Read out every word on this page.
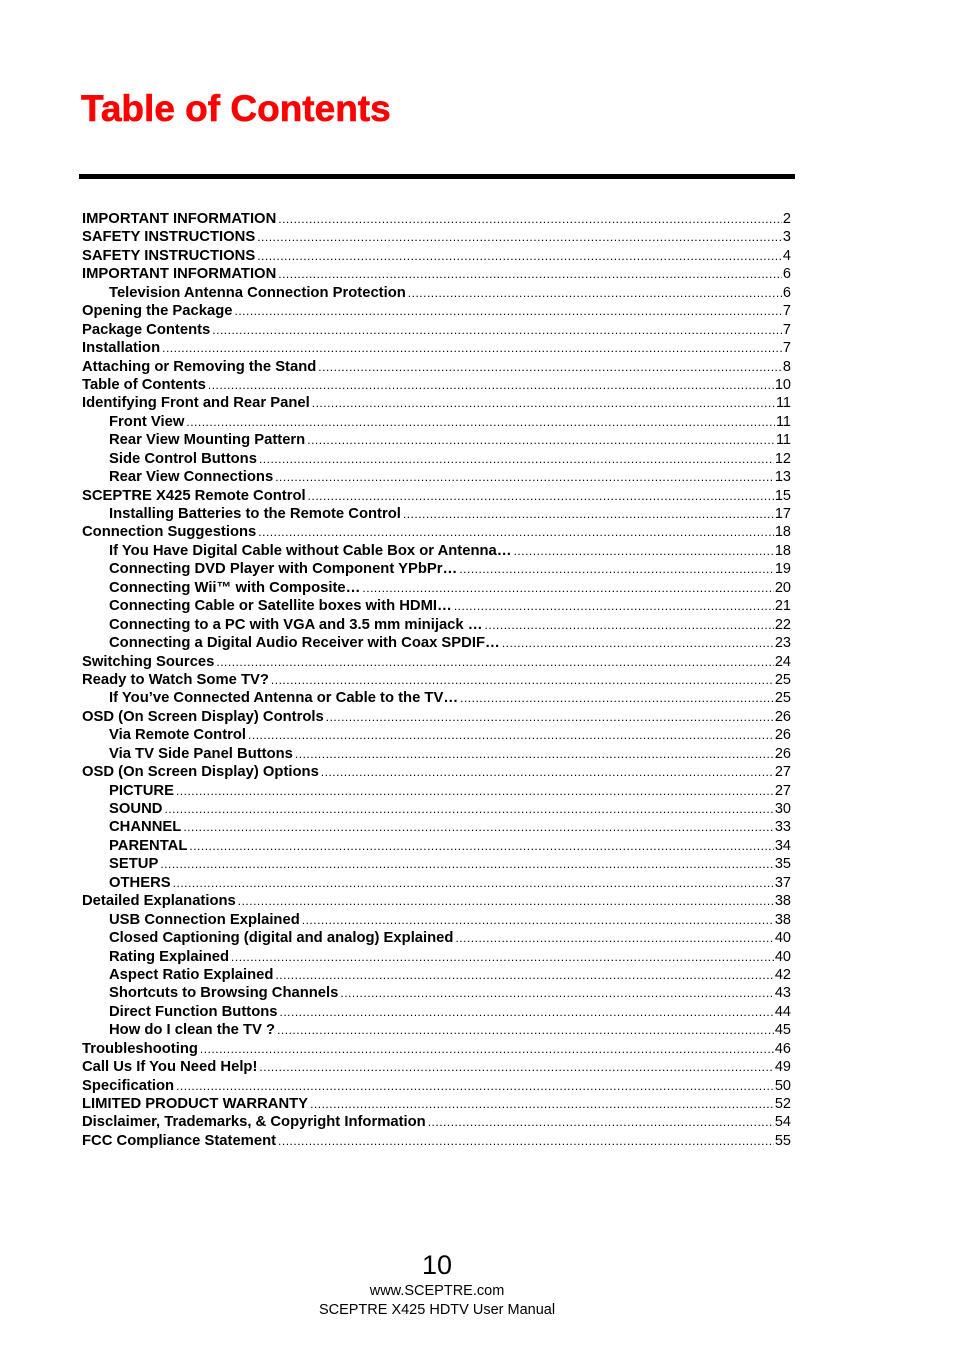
Table of Contents
IMPORTANT INFORMATION .....	2
SAFETY INSTRUCTIONS .....	3
SAFETY INSTRUCTIONS .....	4
IMPORTANT INFORMATION .....	6
Television Antenna Connection Protection .....	6
Opening the Package .....	7
Package Contents .....	7
Installation .....	7
Attaching or Removing the Stand .....	8
Table of Contents .....	10
Identifying Front and Rear Panel .....	11
Front View .....	11
Rear View Mounting Pattern .....	11
Side Control Buttons .....	12
Rear View Connections .....	13
SCEPTRE X425 Remote Control .....	15
Installing Batteries to the Remote Control .....	17
Connection Suggestions .....	18
If You Have Digital Cable without Cable Box or Antenna… .....	18
Connecting DVD Player with Component YPbPr… .....	19
Connecting Wii™ with Composite… .....	20
Connecting Cable or Satellite boxes with HDMI… .....	21
Connecting to a PC with VGA and 3.5 mm minijack … .....	22
Connecting a Digital Audio Receiver with Coax SPDIF… .....	23
Switching Sources .....	24
Ready to Watch Some TV? .....	25
If You’ve Connected Antenna or Cable to the TV… .....	25
OSD (On Screen Display) Controls .....	26
Via Remote Control .....	26
Via TV Side Panel Buttons .....	26
OSD (On Screen Display) Options .....	27
PICTURE .....	27
SOUND .....	30
CHANNEL .....	33
PARENTAL .....	34
SETUP .....	35
OTHERS .....	37
Detailed Explanations .....	38
USB Connection Explained .....	38
Closed Captioning (digital and analog) Explained .....	40
Rating Explained .....	40
Aspect Ratio Explained .....	42
Shortcuts to Browsing Channels .....	43
Direct Function Buttons .....	44
How do I clean the TV ? .....	45
Troubleshooting .....	46
Call Us If You Need Help! .....	49
Specification .....	50
LIMITED PRODUCT WARRANTY .....	52
Disclaimer, Trademarks, & Copyright Information .....	54
FCC Compliance Statement .....	55
10
www.SCEPTRE.com
SCEPTRE X425 HDTV User Manual
